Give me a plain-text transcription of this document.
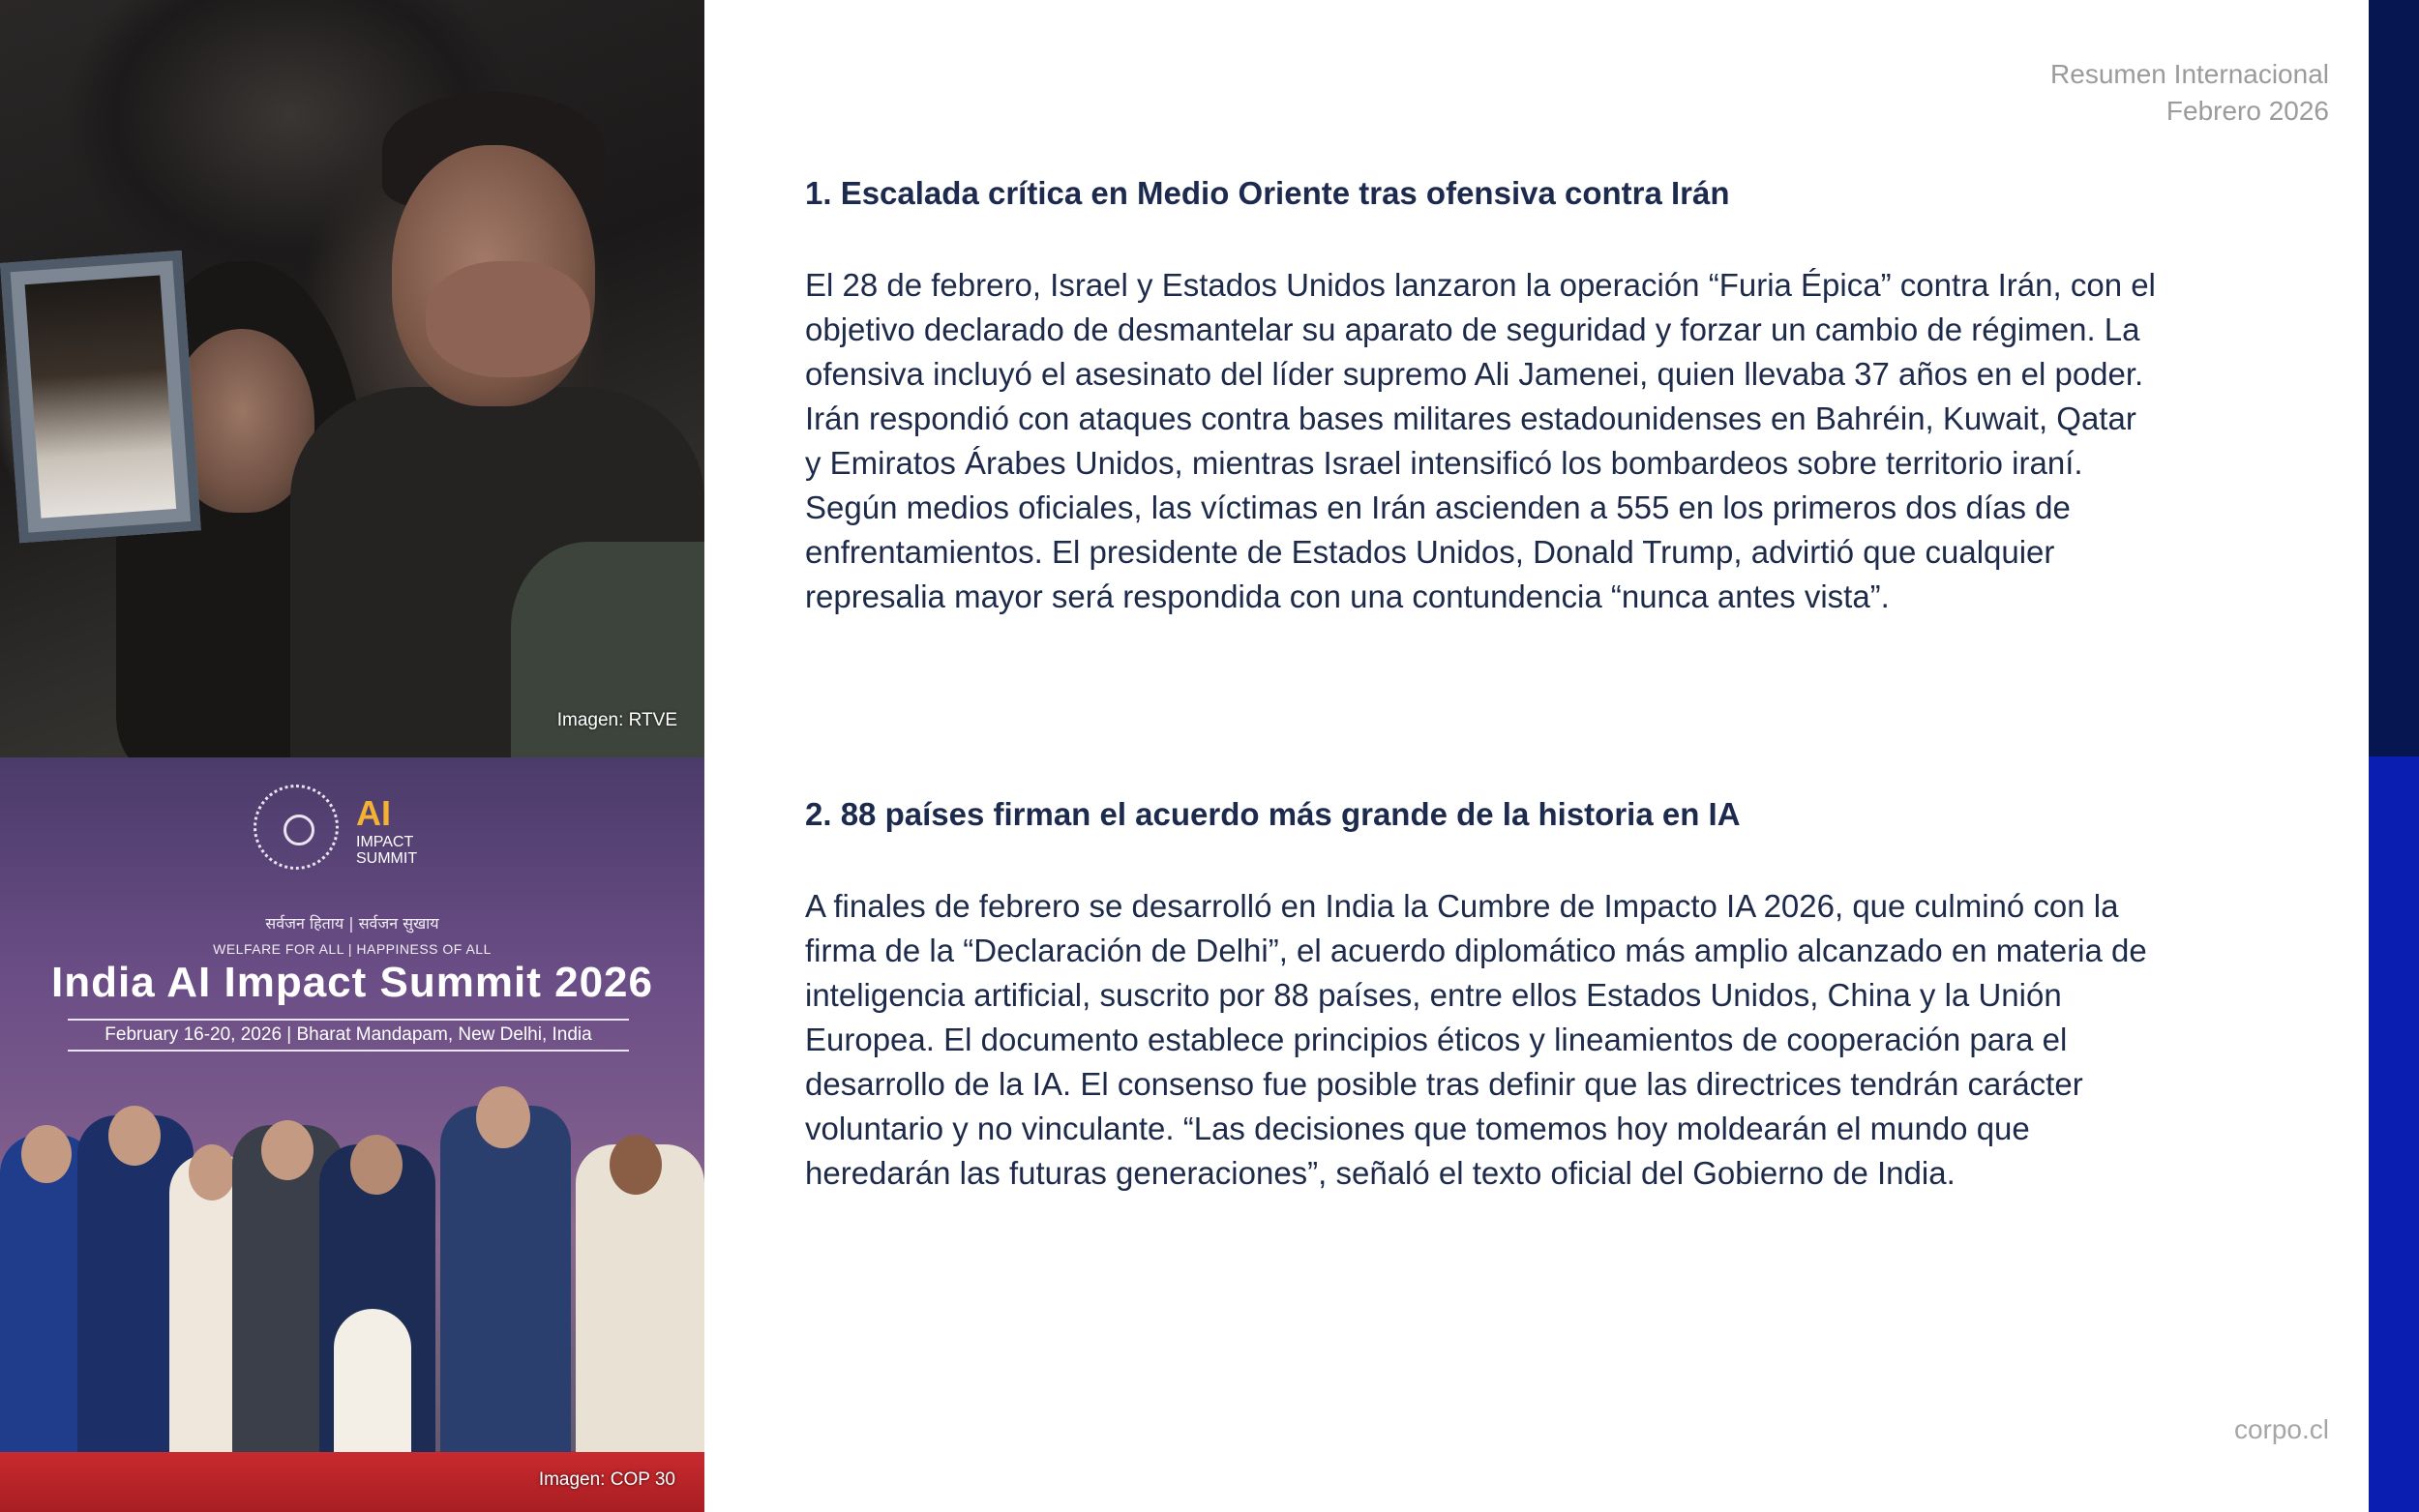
Imagen: RTVE
AI
IMPACT SUMMIT
सर्वजन हिताय | सर्वजन सुखाय
WELFARE FOR ALL | HAPPINESS OF ALL
India AI Impact Summit 2026
February 16-20, 2026 | Bharat Mandapam, New Delhi, India
Imagen: COP 30
Resumen Internacional
Febrero 2026
1. Escalada crítica en Medio Oriente tras ofensiva contra Irán

El 28 de febrero, Israel y Estados Unidos lanzaron la operación “Furia Épica” contra Irán, con el objetivo declarado de desmantelar su aparato de seguridad y forzar un cambio de régimen. La ofensiva incluyó el asesinato del líder supremo Ali Jamenei, quien llevaba 37 años en el poder. Irán respondió con ataques contra bases militares estadounidenses en Bahréin, Kuwait, Qatar y Emiratos Árabes Unidos, mientras Israel intensificó los bombardeos sobre territorio iraní. Según medios oficiales, las víctimas en Irán ascienden a 555 en los primeros dos días de enfrentamientos. El presidente de Estados Unidos, Donald Trump, advirtió que cualquier represalia mayor será respondida con una contundencia “nunca antes vista”.

2. 88 países firman el acuerdo más grande de la historia en IA

A finales de febrero se desarrolló en India la Cumbre de Impacto IA 2026, que culminó con la firma de la “Declaración de Delhi”, el acuerdo diplomático más amplio alcanzado en materia de inteligencia artificial, suscrito por 88 países, entre ellos Estados Unidos, China y la Unión Europea. El documento establece principios éticos y lineamientos de cooperación para el desarrollo de la IA. El consenso fue posible tras definir que las directrices tendrán carácter voluntario y no vinculante. “Las decisiones que tomemos hoy moldearán el mundo que heredarán las futuras generaciones”, señaló el texto oficial del Gobierno de India.

corpo.cl
